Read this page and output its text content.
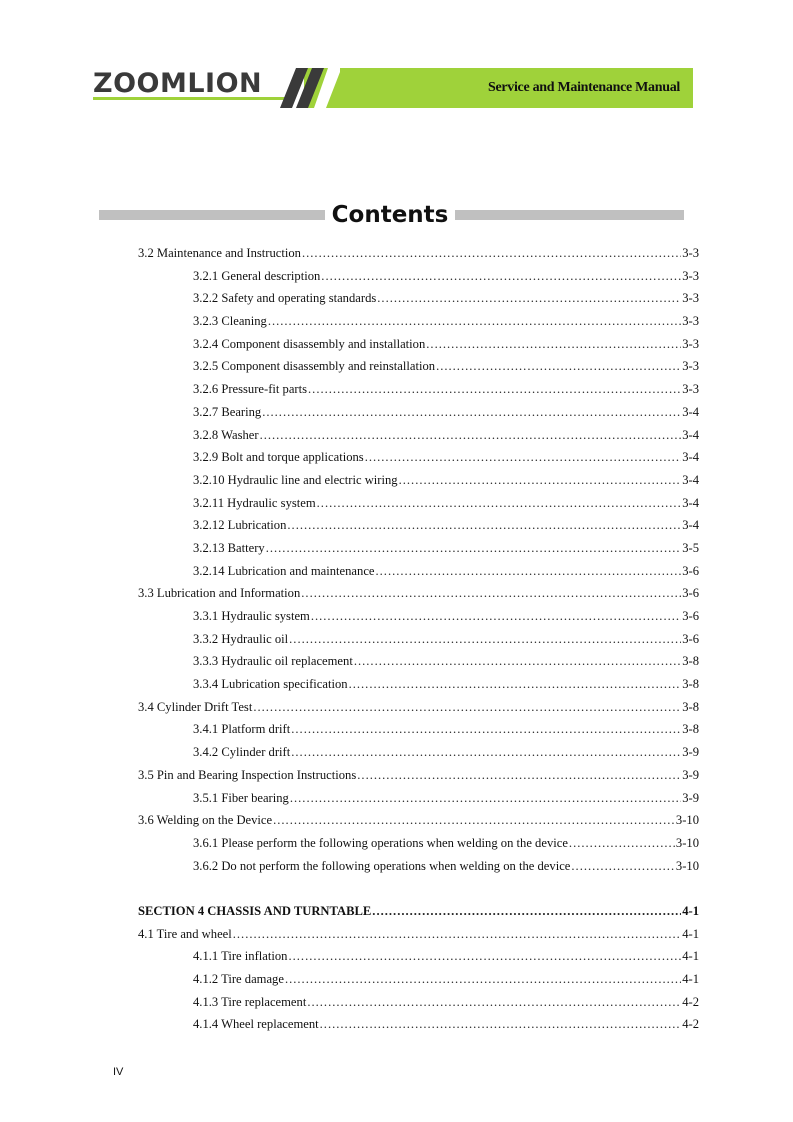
ZOOMLION	Service and Maintenance Manual
Contents
3.2 Maintenance and Instruction .....	3-3
3.2.1 General description .....	3-3
3.2.2 Safety and operating standards .....	3-3
3.2.3 Cleaning .....	3-3
3.2.4 Component disassembly and installation .....	3-3
3.2.5 Component disassembly and reinstallation .....	3-3
3.2.6 Pressure-fit parts .....	3-3
3.2.7 Bearing .....	3-4
3.2.8 Washer .....	3-4
3.2.9 Bolt and torque applications .....	3-4
3.2.10 Hydraulic line and electric wiring .....	3-4
3.2.11 Hydraulic system .....	3-4
3.2.12 Lubrication .....	3-4
3.2.13 Battery .....	3-5
3.2.14 Lubrication and maintenance .....	3-6
3.3 Lubrication and Information .....	3-6
3.3.1 Hydraulic system .....	3-6
3.3.2 Hydraulic oil .....	3-6
3.3.3 Hydraulic oil replacement .....	3-8
3.3.4 Lubrication specification .....	3-8
3.4 Cylinder Drift Test .....	3-8
3.4.1 Platform drift .....	3-8
3.4.2 Cylinder drift .....	3-9
3.5 Pin and Bearing Inspection Instructions .....	3-9
3.5.1 Fiber bearing .....	3-9
3.6 Welding on the Device .....	3-10
3.6.1 Please perform the following operations when welding on the device .....	3-10
3.6.2 Do not perform the following operations when welding on the device .....	3-10
SECTION 4 CHASSIS AND TURNTABLE .....	4-1
4.1 Tire and wheel .....	4-1
4.1.1 Tire inflation .....	4-1
4.1.2 Tire damage .....	4-1
4.1.3 Tire replacement .....	4-2
4.1.4 Wheel replacement .....	4-2
IV
